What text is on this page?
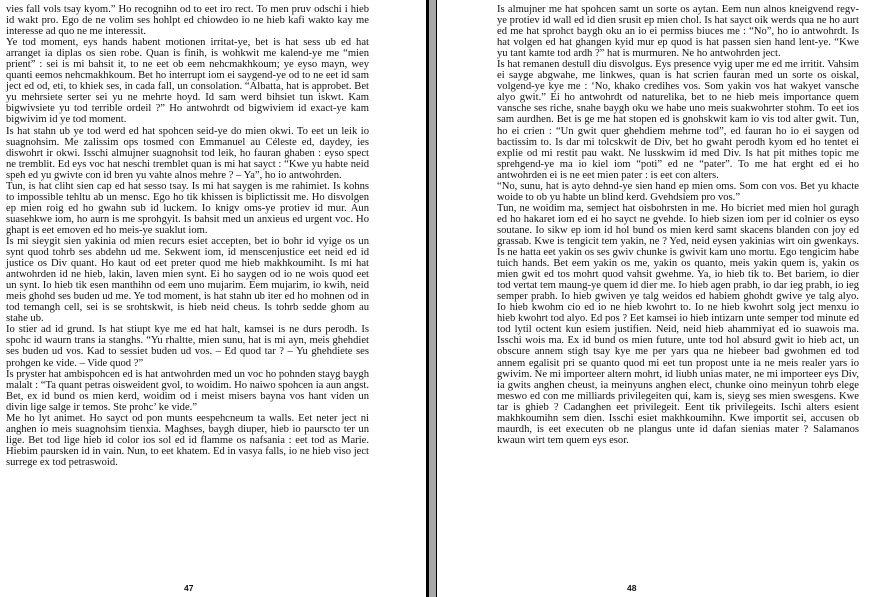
vies fall vols tsay kyom.” Ho recognihn od to eet iro rect. To men pruv odschi i hieb id wakt pro. Ego de ne volim ses hohlpt ed chiowdeo io ne hieb kafi wakto kay me interesse ad quo ne me interessit.

Ye tod moment, eys hands habent motionen irritat-ye, bet is hat sess ub ed hat arranget ia diplas os sien robe. Quan is finih, is wohkwit me kalend-ye me “mien prient” : sei is mi bahsit it, to ne eet ob eem nehcmakhkoum; ye eyso mayn, wey quanti eemos nehcmakhkoum. Bet ho interrupt iom ei saygend-ye od to ne eet id sam ject ed od, eti, to khiek ses, in cada fall, un consolation. “Albatta, hat is approbet. Bet yu mehrsiete serter sei yu ne mehrte hoyd. Id sam werd bihsiet tun iskwt. Kam bigwivsiete yu tod terrible ordeil ?” Ho antwohrdt od bigwiviem id exact-ye kam bigwivim id ye tod moment.

Is hat stahn ub ye tod werd ed hat spohcen seid-ye do mien okwi. To eet un leik io suagnohsim. Me zalissim ops tosmed con Emmanuel au Céleste ed, daydey, ies diswohrt ir okwi. Isschi almujner suagnohsit tod leik, ho fauran ghaben : eyso spect ne tremblit. Ed eys voc hat neschi tremblet quan is mi hat sayct : “Kwe yu habte neid speh ed yu gwivte con id bren yu vahte alnos mehre ? – Ya”, ho io antwohrden.

Tun, is hat cliht sien cap ed hat sesso tsay. Is mi hat saygen is me rahimiet. Is kohns to impossible tehltu ab un mensc. Ego ho tik khissen is biplictissit me. Ho disvolgen ep mien roig ed ho gwahn sub id luckem. Io knigv oms-ye protiev id mur. Aun suasehkwe iom, ho aurn is me sprohgyit. Is bahsit med un anxieus ed urgent voc. Ho ghapt is eet emoven ed ho meis-ye suaklut iom.

Is mi sieygit sien yakinia od mien recurs esiet accepten, bet io bohr id vyige os un synt quod tohrb ses abdehn ud me. Sekwent iom, id menscenjustice eet neid ed id justice os Div quant. Ho kaut od eet preter quod me hieb makhkoumiht. Is mi hat antwohrden id ne hieb, lakin, laven mien synt. Ei ho saygen od io ne wois quod eet un synt. Io hieb tik esen manthihn od eem uno mujarim. Eem mujarim, io kwih, neid meis ghohd ses buden ud me. Ye tod moment, is hat stahn ub iter ed ho mohnen od in tod temangh cell, sei is se srohtskwit, is hieb neid cheus. Is tohrb sedde ghom au stahe ub.

Io stier ad id grund. Is hat stiupt kye me ed hat halt, kamsei is ne durs perodh. Is spohc id waurn trans ia stanghs. “Yu rhaltte, mien sunu, hat is mi ayn, meis ghehdiet ses buden ud vos. Kad to sessiet buden ud vos. – Ed quod tar ? – Yu ghehdiete ses prohgen ke vide. – Vide quod ?”

Is pryster hat ambispohcen ed is hat antwohrden med un voc ho pohnden stayg baygh malalt : “Ta quant petras oisweident gvol, to woidim. Ho naiwo spohcen ia aun angst. Bet, ex id bund os mien kerd, woidim od i meist misers bayna vos hant viden un divin lige salge ir temos. Ste prohc’ ke vide.”

Me ho lyt animet. Ho sayct od pon munts eespehcneum ta walls. Eet neter ject ni anghen io meis suagnohsim tienxia. Maghses, baygh diuper, hieb io paurscto ter un lige. Bet tod lige hieb id color ios sol ed id flamme os nafsania : eet tod as Marie. Hiebim paursken id in vain. Nun, to eet khatem. Ed in vasya falls, io ne hieb viso ject surrege ex tod petraswoid.

47

Is almujner me hat spohcen samt un sorte os aytan. Eem nun alnos kneigvend regv-ye protiev id wall ed id dien srusit ep mien chol. Is hat sayct oik werds qua ne ho aurt ed me hat sprohct baygh oku an io ei permiss biuces me : “No”, ho io antwohrdt. Is hat volgen ed hat ghangen kyid mur ep quod is hat passen sien hand lent-ye. “Kwe yu tant kamte tod ardh ?” hat is murmuren. Ne ho antwohrden ject.

Is hat remanen destull diu disvolgus. Eys presence vyig uper me ed me irritit. Vahsim ei sayge abgwahe, me linkwes, quan is hat scrien fauran med un sorte os oiskal, volgend-ye kye me : ‘No, khako credihes vos. Som yakin vos hat wakyet vansche alyo gwit.” Ei ho antwohrdt od naturelika, bet to ne hieb meis importance quem vansche ses riche, snahe baygh oku we habe uno meis suakwohrter stohm. To eet ios sam aurdhen. Bet is ge me hat stopen ed is gnohskwit kam io vis tod alter gwit. Tun, ho ei crien : “Un gwit quer ghehdiem mehrne tod”, ed fauran ho io ei saygen od bactissim to. Is dar mi tolcskwit de Div, bet ho gwaht perodh kyom ed ho tentet ei explie od mi restit pau wakt. Ne lusskwim id med Div. Is hat pit mithes topic me sprehgend-ye ma io kiel iom “poti” ed ne “pater”. To me hat erght ed ei ho antwohrden ei is ne eet mien pater : is eet con alters.

“No, sunu, hat is ayto dehnd-ye sien hand ep mien oms. Som con vos. Bet yu khacte woide to ob yu habte un blind kerd. Gvehdsiem pro vos.”

Tun, ne woidim ma, semject hat oisbohrsten in me. Ho bicriet med mien hol guragh ed ho hakaret iom ed ei ho sayct ne gvehde. Io hieb sizen iom per id colnier os eyso soutane. Io sikw ep iom id hol bund os mien kerd samt skacens blanden con joy ed grassab. Kwe is tengicit tem yakin, ne ? Yed, neid eysen yakinias wirt oin gwenkays. Is ne hatta eet yakin os ses gwiv chunke is gwivit kam uno mortu. Ego tengicim habe tuich hands. Bet eem yakin os me, yakin os quanto, meis yakin quem is, yakin os mien gwit ed tos mohrt quod vahsit gwehme. Ya, io hieb tik to. Bet bariem, io dier tod vertat tem maung-ye quem id dier me. Io hieb agen prabh, io dar ieg prabh, io ieg semper prabh. Io hieb gwiven ye talg weidos ed habiem ghohdt gwive ye talg alyo. Io hieb kwohm cio ed io ne hieb kwohrt to. Io ne hieb kwohrt solg ject menxu io hieb kwohrt tod alyo. Ed pos ? Eet kamsei io hieb intizarn unte semper tod minute ed tod lytil octent kun esiem justifien. Neid, neid hieb ahammiyat ed io suawois ma. Isschi wois ma. Ex id bund os mien future, unte tod hol absurd gwit io hieb act, un obscure annem stigh tsay kye me per yars qua ne hiebeer bad gwohmen ed tod annem egalisit pri se quanto quod mi eet tun propost unte ia ne meis realer yars io gwivim. Ne mi importeer altern mohrt, id liubh unias mater, ne mi importeer eys Div, ia gwits anghen cheust, ia meinyuns anghen elect, chunke oino meinyun tohrb elege meswo ed con me milliards privilegeiten qui, kam is, sieyg ses mien swesgens. Kwe tar is ghieb ? Cadanghen eet privilegeit. Eent tik privilegeits. Ischi alters esient makhkoumihn sem dien. Isschi esiet makhkoumihn. Kwe importit sei, accusen ob maurdh, is eet executen ob ne plangus unte id dafan sienias mater ? Salamanos kwaun wirt tem quem eys esor.

48
